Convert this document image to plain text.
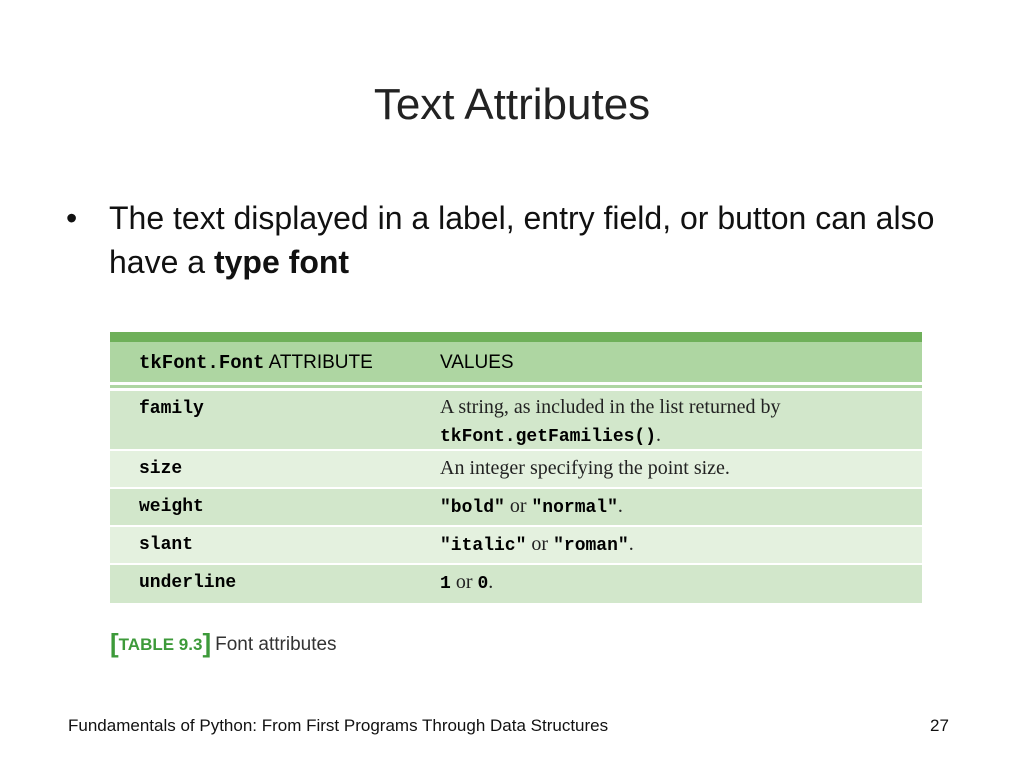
Text Attributes
• The text displayed in a label, entry field, or button can also have a type font
tkFont.Font ATTRIBUTE	VALUES
family	A string, as included in the list returned by
tkFont.getFamilies().
size	An integer specifying the point size.
weight	"bold" or "normal".
slant	"italic" or "roman".
underline	1 or 0.
[TABLE 9.3] Font attributes
Fundamentals of Python: From First Programs Through Data Structures	27
